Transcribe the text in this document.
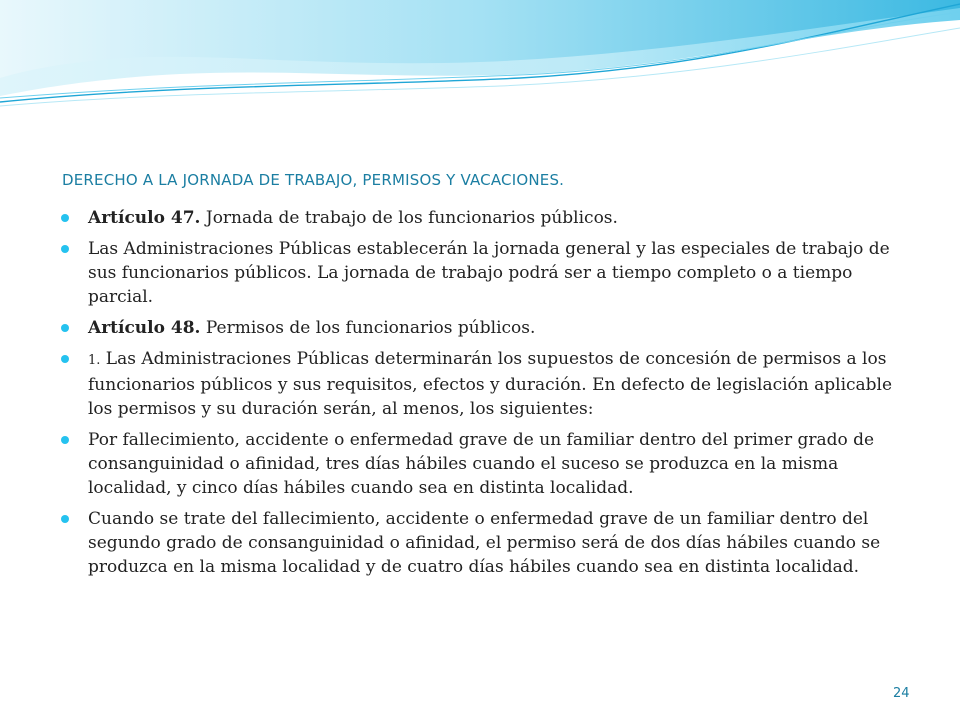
DERECHO A LA JORNADA DE TRABAJO, PERMISOS Y VACACIONES.
Artículo 47. Jornada de trabajo de los funcionarios públicos.
Las Administraciones Públicas establecerán la jornada general y las especiales de trabajo de sus funcionarios públicos. La jornada de trabajo podrá ser a tiempo completo o a tiempo parcial.
Artículo 48. Permisos de los funcionarios públicos.
1. Las Administraciones Públicas determinarán los supuestos de concesión de permisos a los funcionarios públicos y sus requisitos, efectos y duración. En defecto de legislación aplicable los permisos y su duración serán, al menos, los siguientes:
Por fallecimiento, accidente o enfermedad grave de un familiar dentro del primer grado de consanguinidad o afinidad, tres días hábiles cuando el suceso se produzca en la misma localidad, y cinco días hábiles cuando sea en distinta localidad.
Cuando se trate del fallecimiento, accidente o enfermedad grave de un familiar dentro del segundo grado de consanguinidad o afinidad, el permiso será de dos días hábiles cuando se produzca en la misma localidad y de cuatro días hábiles cuando sea en distinta localidad.
24
